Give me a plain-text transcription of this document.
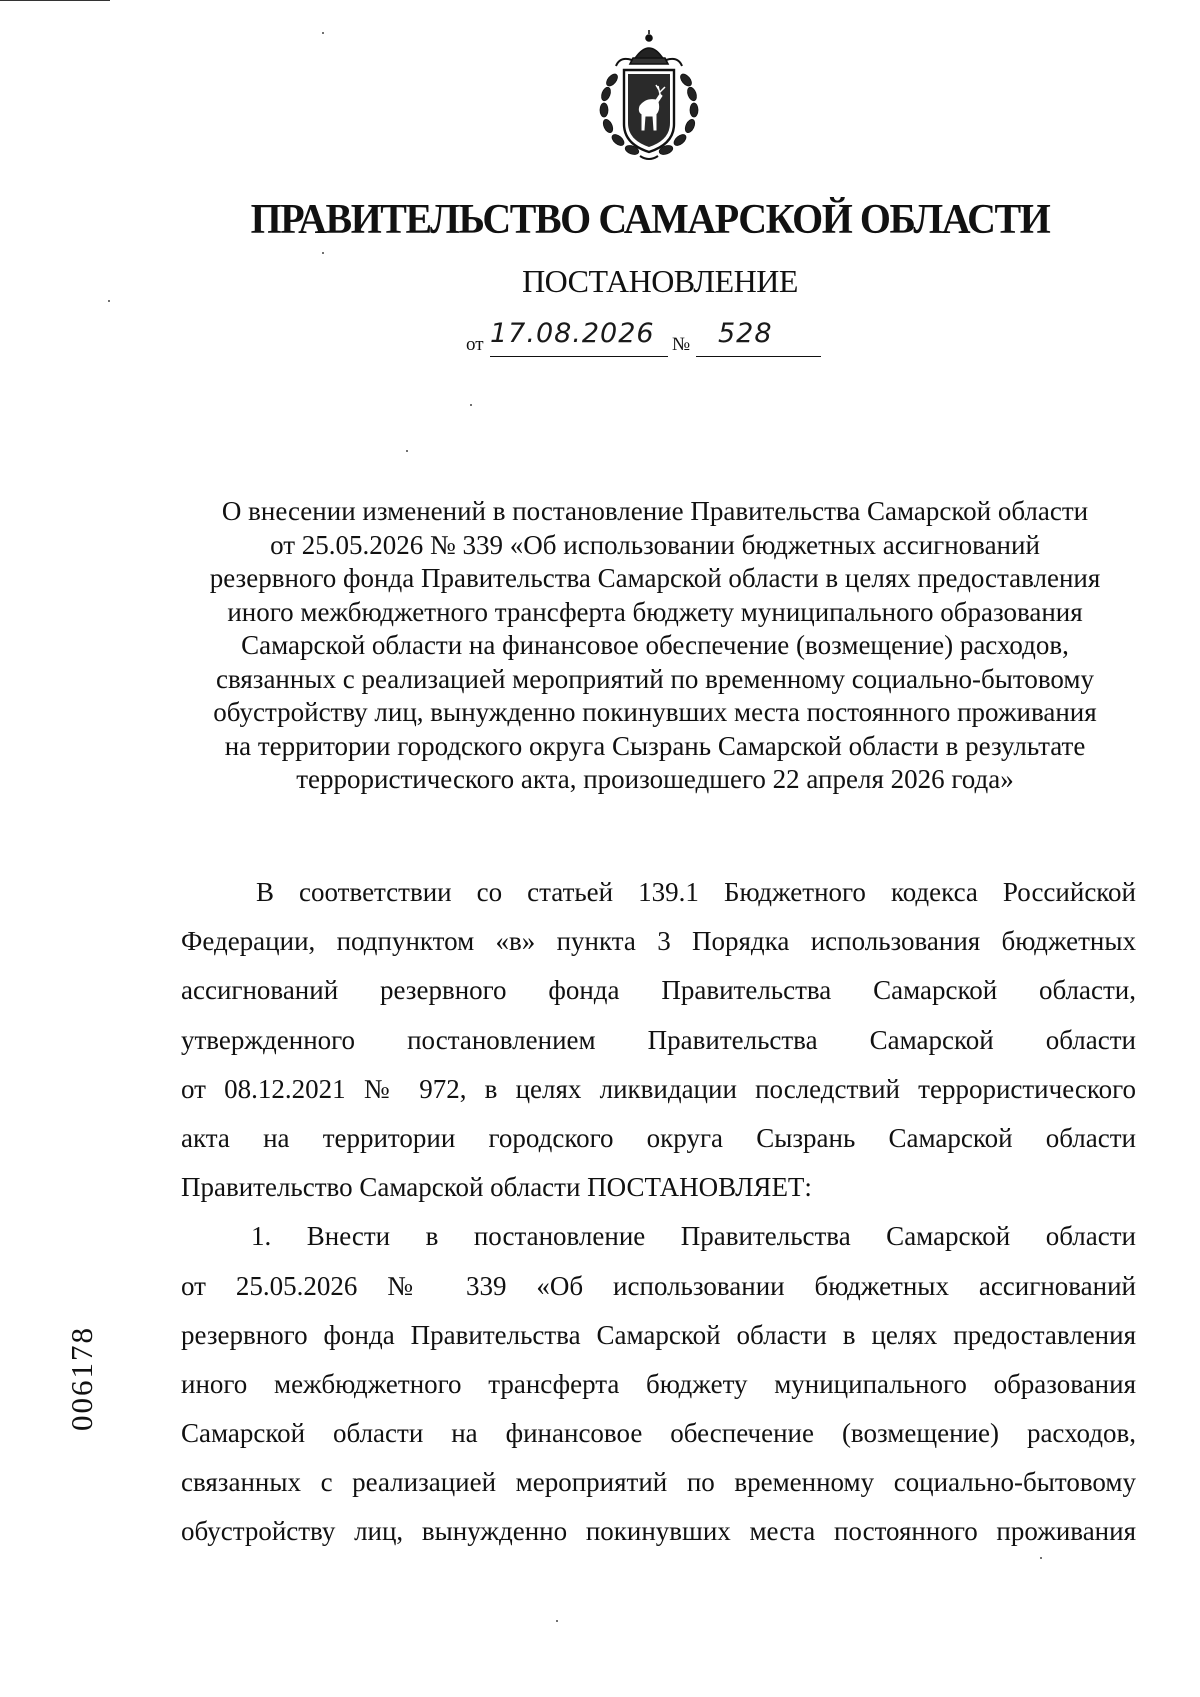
ПРАВИТЕЛЬСТВО САМАРСКОЙ ОБЛАСТИ
ПОСТАНОВЛЕНИЕ
от 17.08.2026 № 528
О внесении изменений в постановление Правительства Самарской области
от 25.05.2026 № 339 «Об использовании бюджетных ассигнований
резервного фонда Правительства Самарской области в целях предоставления
иного межбюджетного трансферта бюджету муниципального образования
Самарской области на финансовое обеспечение (возмещение) расходов,
связанных с реализацией мероприятий по временному социально-бытовому
обустройству лиц, вынужденно покинувших места постоянного проживания
на территории городского округа Сызрань Самарской области в результате
террористического акта, произошедшего 22 апреля 2026 года»
В соответствии со статьей 139.1 Бюджетного кодекса Российской
Федерации, подпунктом «в» пункта 3 Порядка использования бюджетных
ассигнований резервного фонда Правительства Самарской области,
утвержденного постановлением Правительства Самарской области
от 08.12.2021 № 972, в целях ликвидации последствий террористического
акта на территории городского округа Сызрань Самарской области
Правительство Самарской области ПОСТАНОВЛЯЕТ:
1. Внести в постановление Правительства Самарской области
от 25.05.2026 № 339 «Об использовании бюджетных ассигнований
резервного фонда Правительства Самарской области в целях предоставления
иного межбюджетного трансферта бюджету муниципального образования
Самарской области на финансовое обеспечение (возмещение) расходов,
связанных с реализацией мероприятий по временному социально-бытовому
обустройству лиц, вынужденно покинувших места постоянного проживания
006178
